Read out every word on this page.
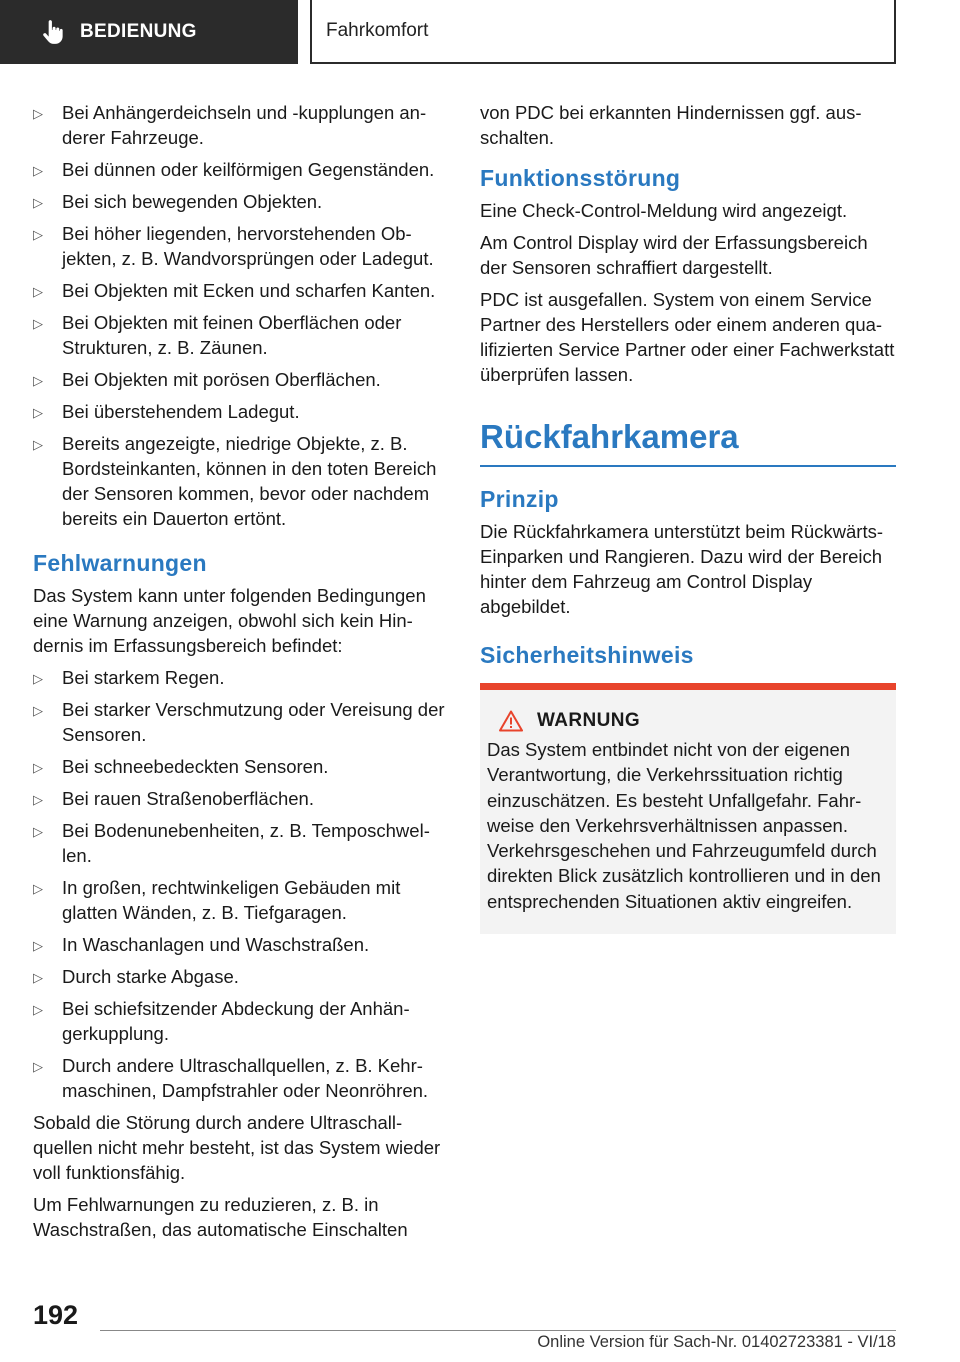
BEDIENUNG	Fahrkomfort
▷ Bei Anhängerdeichseln und -kupplungen anderer Fahrzeuge.
▷ Bei dünnen oder keilförmigen Gegenständen.
▷ Bei sich bewegenden Objekten.
▷ Bei höher liegenden, hervorstehenden Objekten, z. B. Wandvorsprüngen oder Ladegut.
▷ Bei Objekten mit Ecken und scharfen Kanten.
▷ Bei Objekten mit feinen Oberflächen oder Strukturen, z. B. Zäunen.
▷ Bei Objekten mit porösen Oberflächen.
▷ Bei überstehendem Ladegut.
▷ Bereits angezeigte, niedrige Objekte, z. B. Bordsteinkanten, können in den toten Bereich der Sensoren kommen, bevor oder nachdem bereits ein Dauerton ertönt.
Fehlwarnungen

Das System kann unter folgenden Bedingungen eine Warnung anzeigen, obwohl sich kein Hindernis im Erfassungsbereich befindet:

▷ Bei starkem Regen.
▷ Bei starker Verschmutzung oder Vereisung der Sensoren.
▷ Bei schneebedeckten Sensoren.
▷ Bei rauen Straßenoberflächen.
▷ Bei Bodenunebenheiten, z. B. Temposchwellen.
▷ In großen, rechtwinkeligen Gebäuden mit glatten Wänden, z. B. Tiefgaragen.
▷ In Waschanlagen und Waschstraßen.
▷ Durch starke Abgase.
▷ Bei schiefsitzender Abdeckung der Anhängerkupplung.
▷ Durch andere Ultraschallquellen, z. B. Kehrmaschinen, Dampfstrahler oder Neonröhren.

Sobald die Störung durch andere Ultraschallquellen nicht mehr besteht, ist das System wieder voll funktionsfähig.

Um Fehlwarnungen zu reduzieren, z. B. in Waschstraßen, das automatische Einschalten

von PDC bei erkannten Hindernissen ggf. ausschalten.

Funktionsstörung

Eine Check-Control-Meldung wird angezeigt.

Am Control Display wird der Erfassungsbereich der Sensoren schraffiert dargestellt.

PDC ist ausgefallen. System von einem Service Partner des Herstellers oder einem anderen qualifizierten Service Partner oder einer Fachwerkstatt überprüfen lassen.

Rückfahrkamera
Prinzip

Die Rückfahrkamera unterstützt beim Rückwärts-Einparken und Rangieren. Dazu wird der Bereich hinter dem Fahrzeug am Control Display abgebildet.

Sicherheitshinweis
WARNUNG
Das System entbindet nicht von der eigenen Verantwortung, die Verkehrssituation richtig einzuschätzen. Es besteht Unfallgefahr. Fahrweise den Verkehrsverhältnissen anpassen. Verkehrsgeschehen und Fahrzeugumfeld durch direkten Blick zusätzlich kontrollieren und in den entsprechenden Situationen aktiv eingreifen.
192
Online Version für Sach-Nr. 01402723381 - VI/18
